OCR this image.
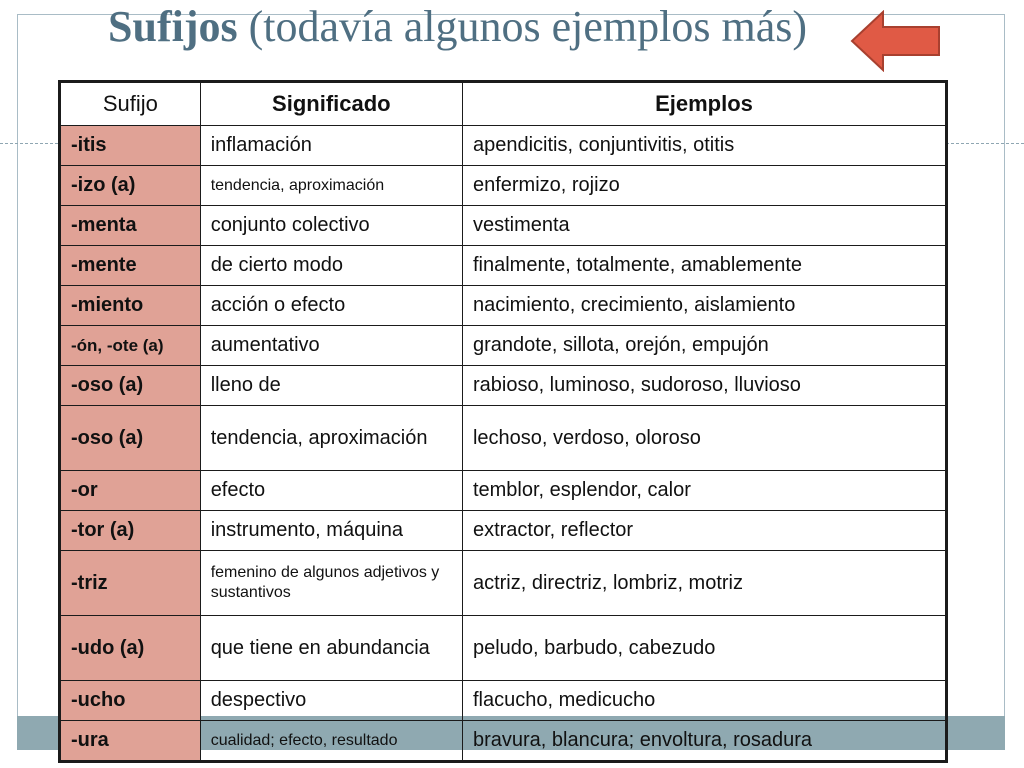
Sufijos (todavía algunos ejemplos más)
Sufijo	Significado	Ejemplos
-itis	inflamación	apendicitis, conjuntivitis, otitis
-izo (a)	tendencia, aproximación	enfermizo, rojizo
-menta	conjunto colectivo	vestimenta
-mente	de cierto modo	finalmente, totalmente, amablemente
-miento	acción o efecto	nacimiento, crecimiento, aislamiento
-ón, -ote (a)	aumentativo	grandote, sillota, orejón, empujón
-oso (a)	lleno de	rabioso, luminoso, sudoroso, lluvioso
-oso (a)	tendencia, aproximación	lechoso, verdoso, oloroso
-or	efecto	temblor, esplendor, calor
-tor (a)	instrumento, máquina	extractor, reflector
-triz	femenino de algunos adjetivos y sustantivos	actriz, directriz, lombriz, motriz
-udo (a)	que tiene en abundancia	peludo, barbudo, cabezudo
-ucho	despectivo	flacucho, medicucho
-ura	cualidad; efecto, resultado	bravura, blancura; envoltura, rosadura
